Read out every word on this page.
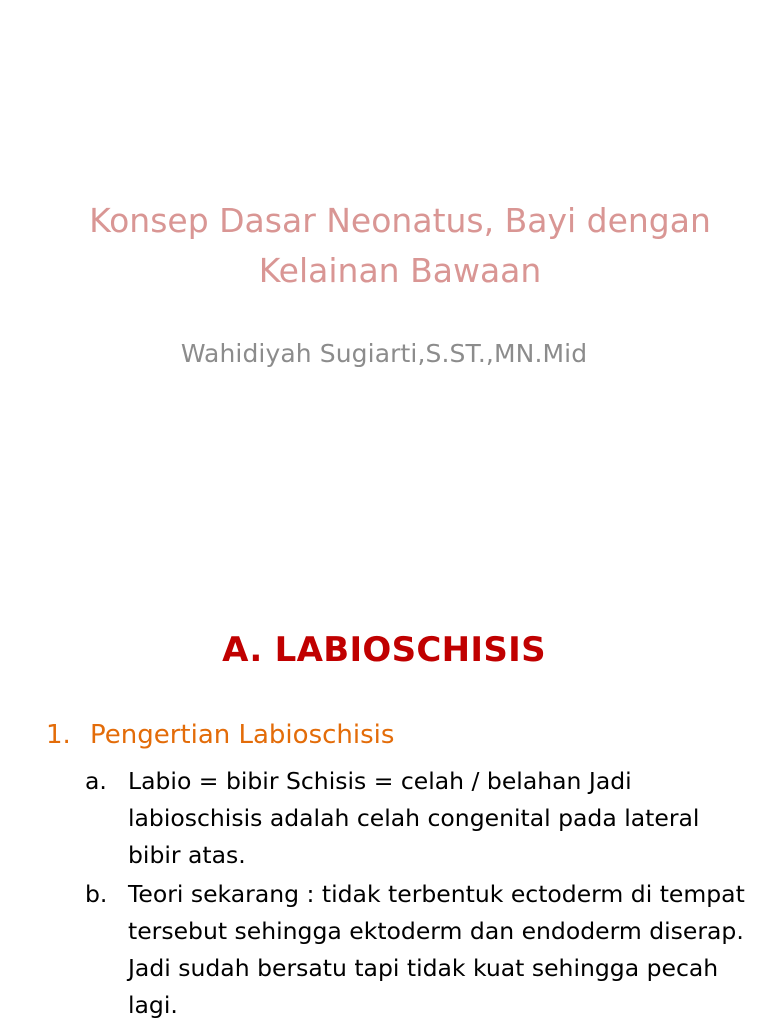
Konsep Dasar Neonatus, Bayi dengan Kelainan Bawaan

Wahidiyah Sugiarti,S.ST.,MN.Mid

A. LABIOSCHISIS

1. Pengertian Labioschisis

a. Labio = bibir Schisis = celah / belahan Jadi labioschisis adalah celah congenital pada lateral bibir atas.
b. Teori sekarang : tidak terbentuk ectoderm di tempat tersebut sehingga ektoderm dan endoderm diserap. Jadi sudah bersatu tapi tidak kuat sehingga pecah lagi.
